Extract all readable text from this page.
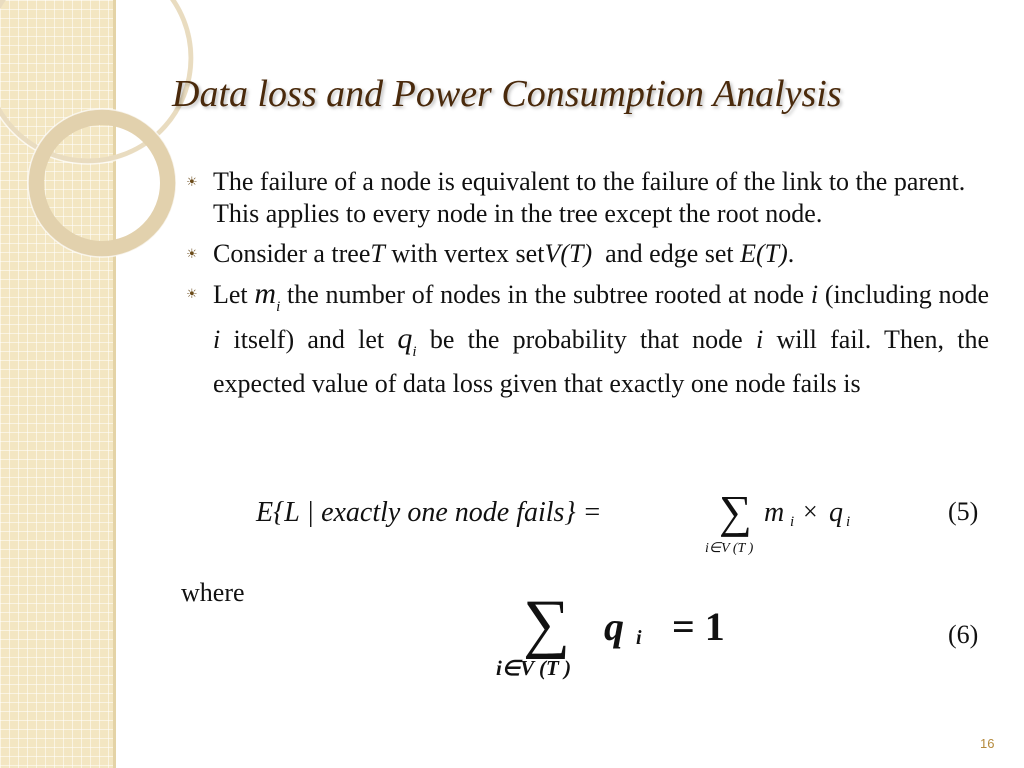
Data loss and Power Consumption Analysis
☀ The failure of a node is equivalent to the failure of the link to the parent. This applies to every node in the tree except the root node.

☀ Consider a treeT with vertex setV(T)  and edge set E(T).

☀ Let $m_i$ the number of nodes in the subtree rooted at node i (including node i itself) and let $q_i$ be the probability that node i will fail. Then, the expected value of data loss given that exactly one node fails is

E{L | exactly one node fails} =	∑
i∈V (T )
m i × q i	(5)
where	∑ q i = 1
i∈V (T )
(6)
16
